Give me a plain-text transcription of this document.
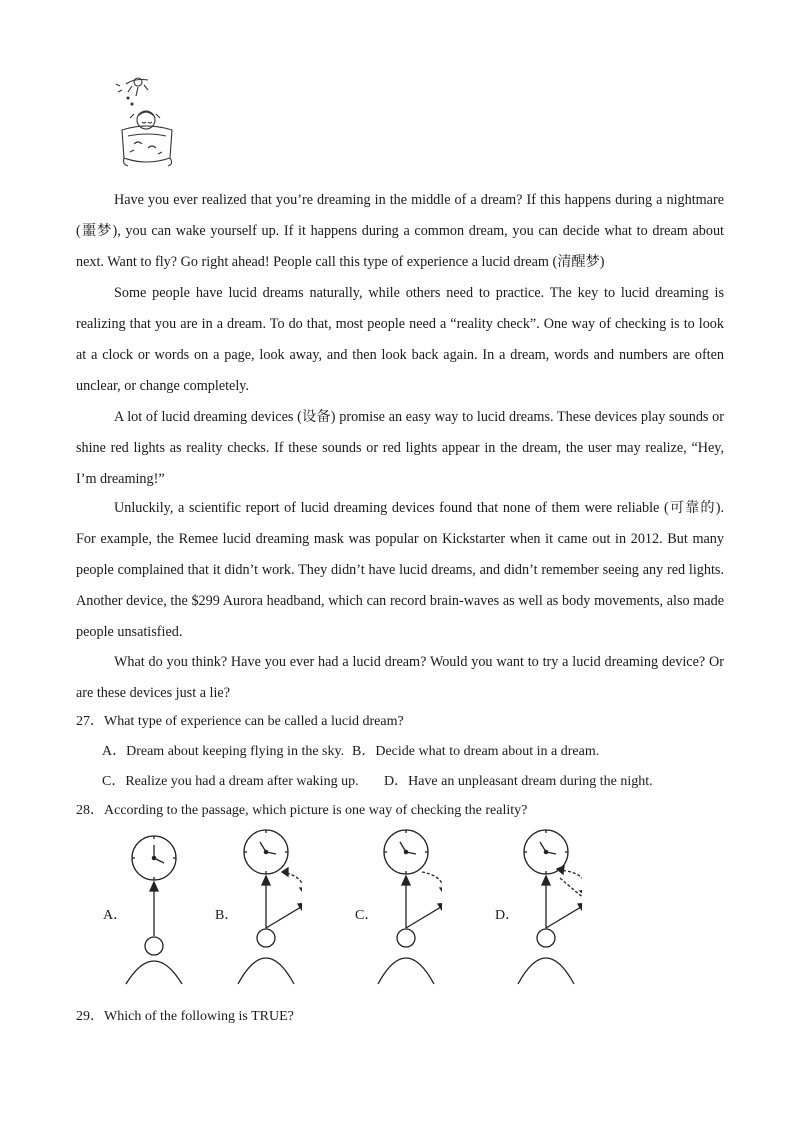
Have you ever realized that you’re dreaming in the middle of a dream? If this happens during a nightmare (噩梦), you can wake yourself up. If it happens during a common dream, you can decide what to dream about next. Want to fly? Go right ahead! People call this type of experience a lucid dream (清醒梦)

Some people have lucid dreams naturally, while others need to practice. The key to lucid dreaming is realizing that you are in a dream. To do that, most people need a “reality check”. One way of checking is to look at a clock or words on a page, look away, and then look back again. In a dream, words and numbers are often unclear, or change completely.

A lot of lucid dreaming devices (设备) promise an easy way to lucid dreams. These devices play sounds or shine red lights as reality checks. If these sounds or red lights appear in the dream, the user may realize, “Hey, I’m dreaming!”

Unluckily, a scientific report of lucid dreaming devices found that none of them were reliable (可靠的). For example, the Remee lucid dreaming mask was popular on Kickstarter when it came out in 2012. But many people complained that it didn’t work. They didn’t have lucid dreams, and didn’t remember seeing any red lights. Another device, the $299 Aurora headband, which can record brain-waves as well as body movements, also made people unsatisfied.

What do you think? Have you ever had a lucid dream? Would you want to try a lucid dreaming device? Or are these devices just a lie?

27．What type of experience can be called a lucid dream?

A．Dream about keeping flying in the sky. B．Decide what to dream about in a dream.
C．Realize you had a dream after waking up. D．Have an unpleasant dream during the night.

28．According to the passage, which picture is one way of checking the reality?

A．	B．	C．	D．

29．Which of the following is TRUE?
